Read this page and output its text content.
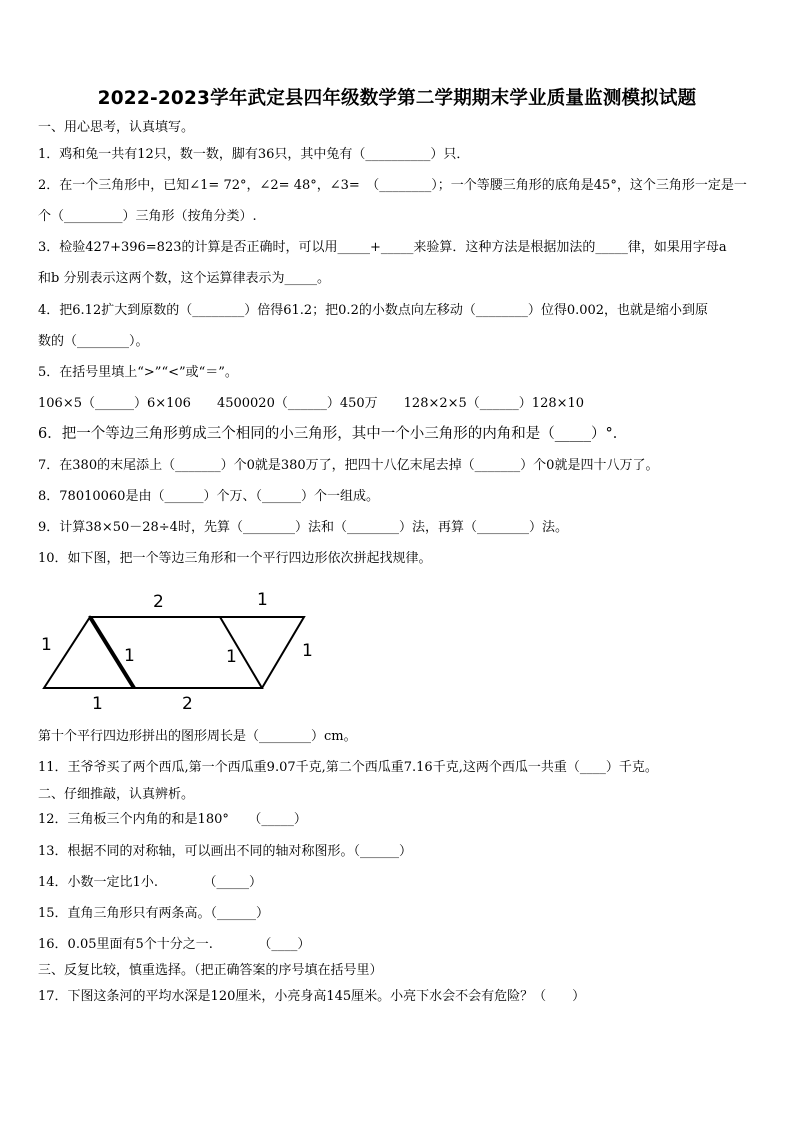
2022-2023学年武定县四年级数学第二学期期末学业质量监测模拟试题
一、用心思考，认真填写。
1．鸡和兔一共有12只，数一数，脚有36只，其中兔有（__________）只．
2．在一个三角形中，已知∠1= 72°，∠2= 48°，∠3=　（________）；一个等腰三角形的底角是45°，这个三角形一定是一
个（_________）三角形（按角分类）.
3．检验427+396=823的计算是否正确时，可以用_____+_____来验算．这种方法是根据加法的_____律，如果用字母a
和b 分别表示这两个数，这个运算律表示为_____。
4．把6.12扩大到原数的（________）倍得61.2；把0.2的小数点向左移动（________）位得0.002，也就是缩小到原
数的（________）。
5．在括号里填上“>”“<”或“＝”。
106×5（______）6×106　　4500020（______）450万　　128×2×5（______）128×10
6．把一个等边三角形剪成三个相同的小三角形，其中一个小三角形的内角和是（_____）°．
7．在380的末尾添上（_______）个0就是380万了，把四十八亿末尾去掉（_______）个0就是四十八万了。
8．78010060是由（______）个万、（______）个一组成。
9．计算38×50－28÷4时，先算（________）法和（________）法，再算（________）法。
10．如下图，把一个等边三角形和一个平行四边形依次拼起找规律。
2	1
1
1	1	1
1	2
第十个平行四边形拼出的图形周长是（________）cm。
11．王爷爷买了两个西瓜,第一个西瓜重9.07千克,第二个西瓜重7.16千克,这两个西瓜一共重（____）千克。
二、仔细推敲，认真辨析。
12．三角板三个内角的和是180°　　（_____）
13．根据不同的对称轴，可以画出不同的轴对称图形。（______）
14．小数一定比1小.　　　　（_____）
15．直角三角形只有两条高。（______）
16．0.05里面有5个十分之一.　　　　（____）
三、反复比较，慎重选择。（把正确答案的序号填在括号里）
17．下图这条河的平均水深是120厘米，小亮身高145厘米。小亮下水会不会有危险？（　　）
